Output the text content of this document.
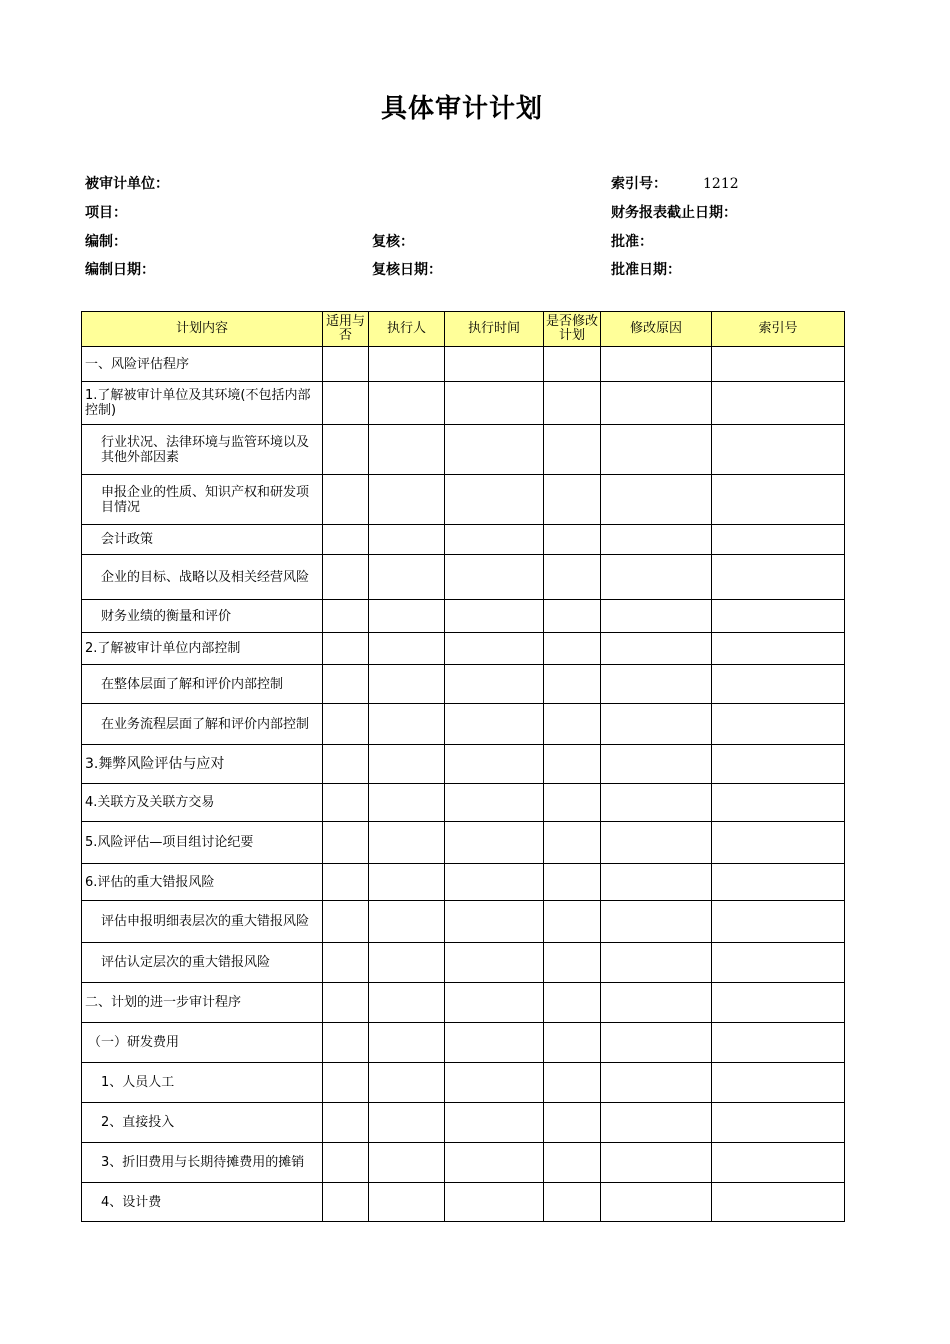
具体审计计划
被审计单位：	索引号：	1212
项目：	财务报表截止日期：
编制：	复核：	批准：
编制日期：	复核日期：	批准日期：
计划内容	适用与否	执行人	执行时间	是否修改计划	修改原因	索引号
一、风险评估程序						
1.了解被审计单位及其环境(不包括内部控制)						
行业状况、法律环境与监管环境以及其他外部因素						
申报企业的性质、知识产权和研发项目情况						
会计政策						
企业的目标、战略以及相关经营风险						
财务业绩的衡量和评价						
2.了解被审计单位内部控制						
在整体层面了解和评价内部控制						
在业务流程层面了解和评价内部控制						
3.舞弊风险评估与应对						
4.关联方及关联方交易						
5.风险评估—项目组讨论纪要						
6.评估的重大错报风险						
评估申报明细表层次的重大错报风险						
评估认定层次的重大错报风险						
二、计划的进一步审计程序						
（一）研发费用						
1、人员人工						
2、直接投入						
3、折旧费用与长期待摊费用的摊销						
4、设计费						
